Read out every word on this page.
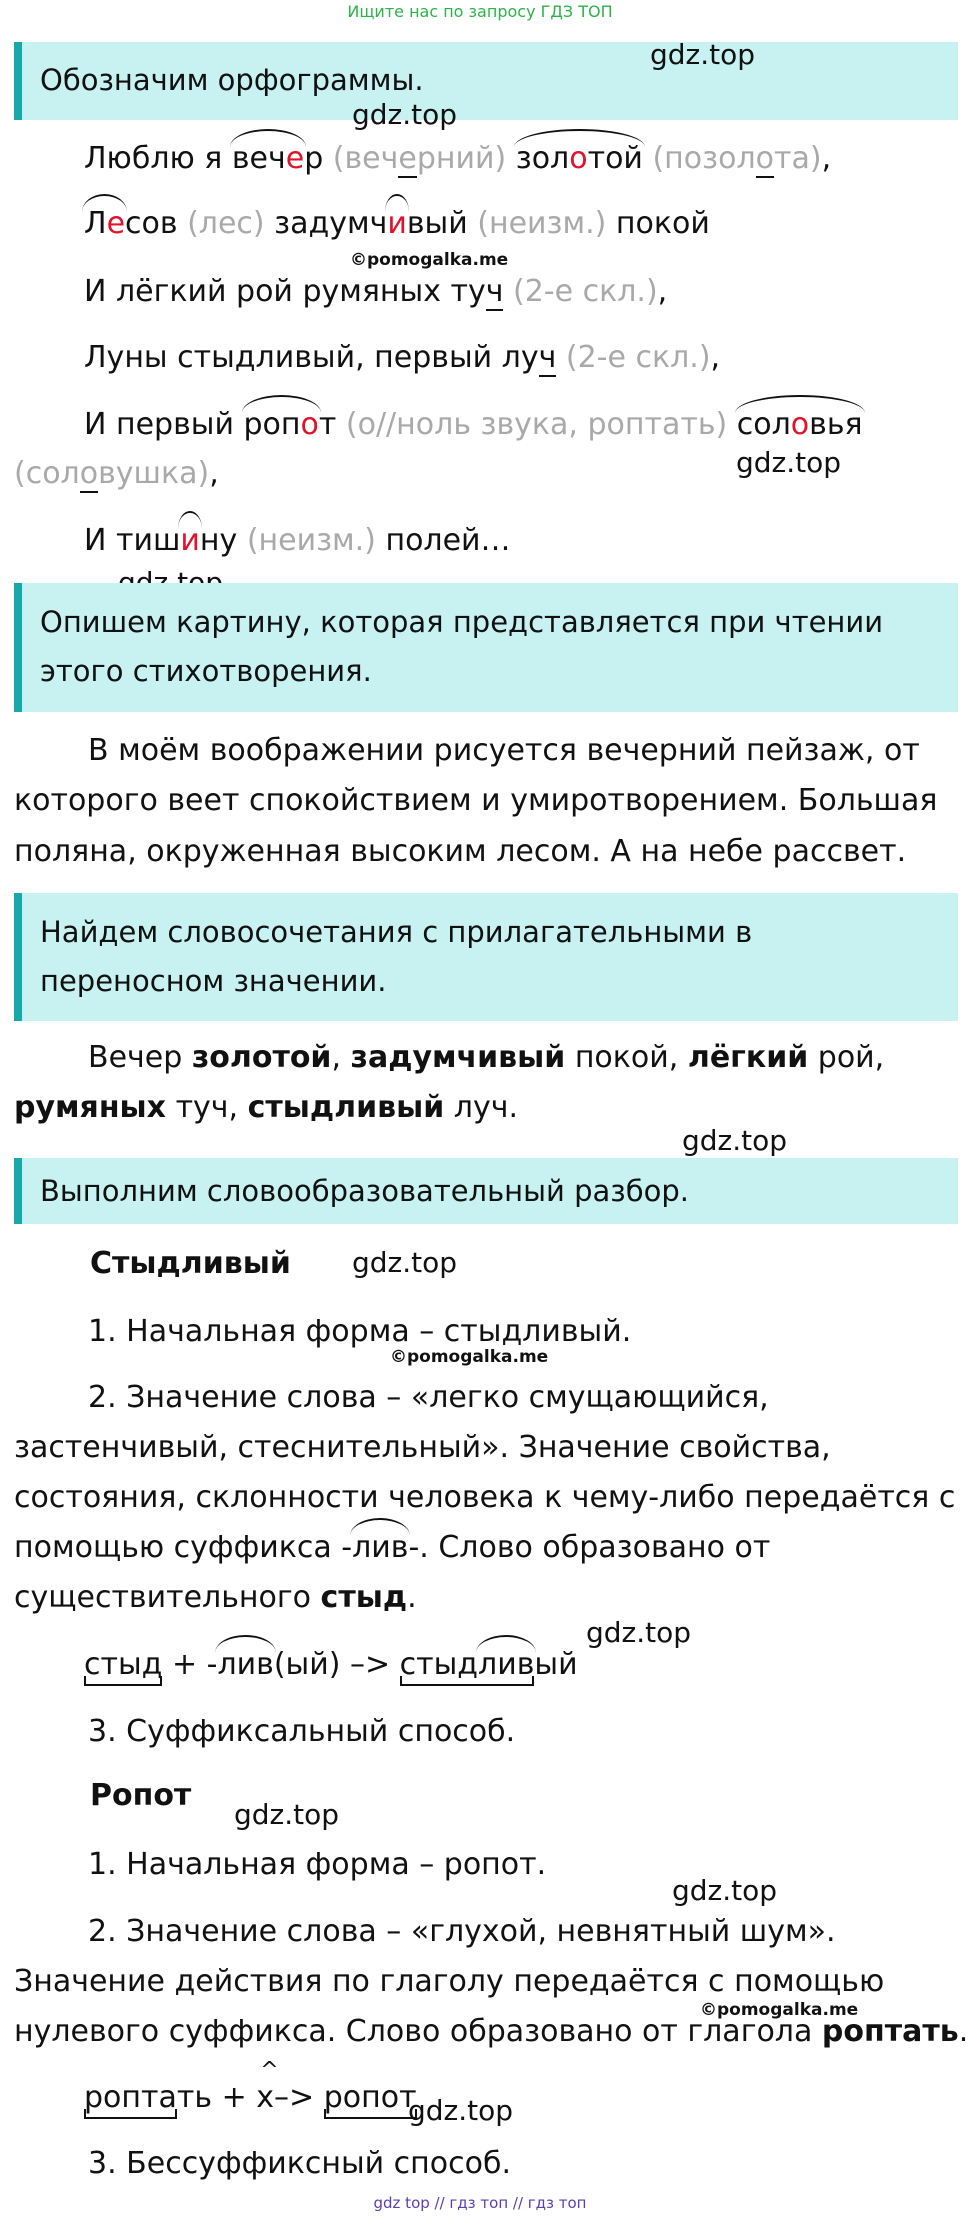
Ищите нас по запросу ГДЗ ТОП
Обозначим орфограммы.
gdz.top
gdz.top
Люблю я вечер (вечерний) золотой (позолота),
Лесов (лес) задумчивый (неизм.) покой
©pomogalka.me
И лёгкий рой румяных туч (2-е скл.),
Луны стыдливый, первый луч (2-е скл.),
И первый ропот (о//ноль звука, роптать) соловья
gdz.top
(соловушка),
И тишину (неизм.) полей…
Опишем картину, которая представляется при чтении
этого стихотворения.
В моём воображении рисуется вечерний пейзаж, от
которого веет спокойствием и умиротворением. Большая
поляна, окруженная высоким лесом. А на небе рассвет.
Найдем словосочетания с прилагательными в
переносном значении.
Вечер золотой, задумчивый покой, лёгкий рой,
румяных туч, стыдливый луч.
gdz.top
Выполним словообразовательный разбор.
Стыдливый gdz.top
1. Начальная форма – стыдливый.
©pomogalka.me
2. Значение слова – «легко смущающийся,
застенчивый, стеснительный». Значение свойства,
состояния, склонности человека к чему-либо передаётся с
помощью суффикса -лив-. Слово образовано от
существительного стыд.
gdz.top
стыд + -лив(ый) –> стыдливый
3. Суффиксальный способ.
Ропот
gdz.top
1. Начальная форма – ропот.
gdz.top
2. Значение слова – «глухой, невнятный шум».
Значение действия по глаголу передаётся с помощью
©pomogalka.me
нулевого суффикса. Слово образовано от глагола роптать.
роптать +
^
x–> ропот
gdz.top
3. Бессуффиксный способ.
gdz top // гдз топ // гдз топ
